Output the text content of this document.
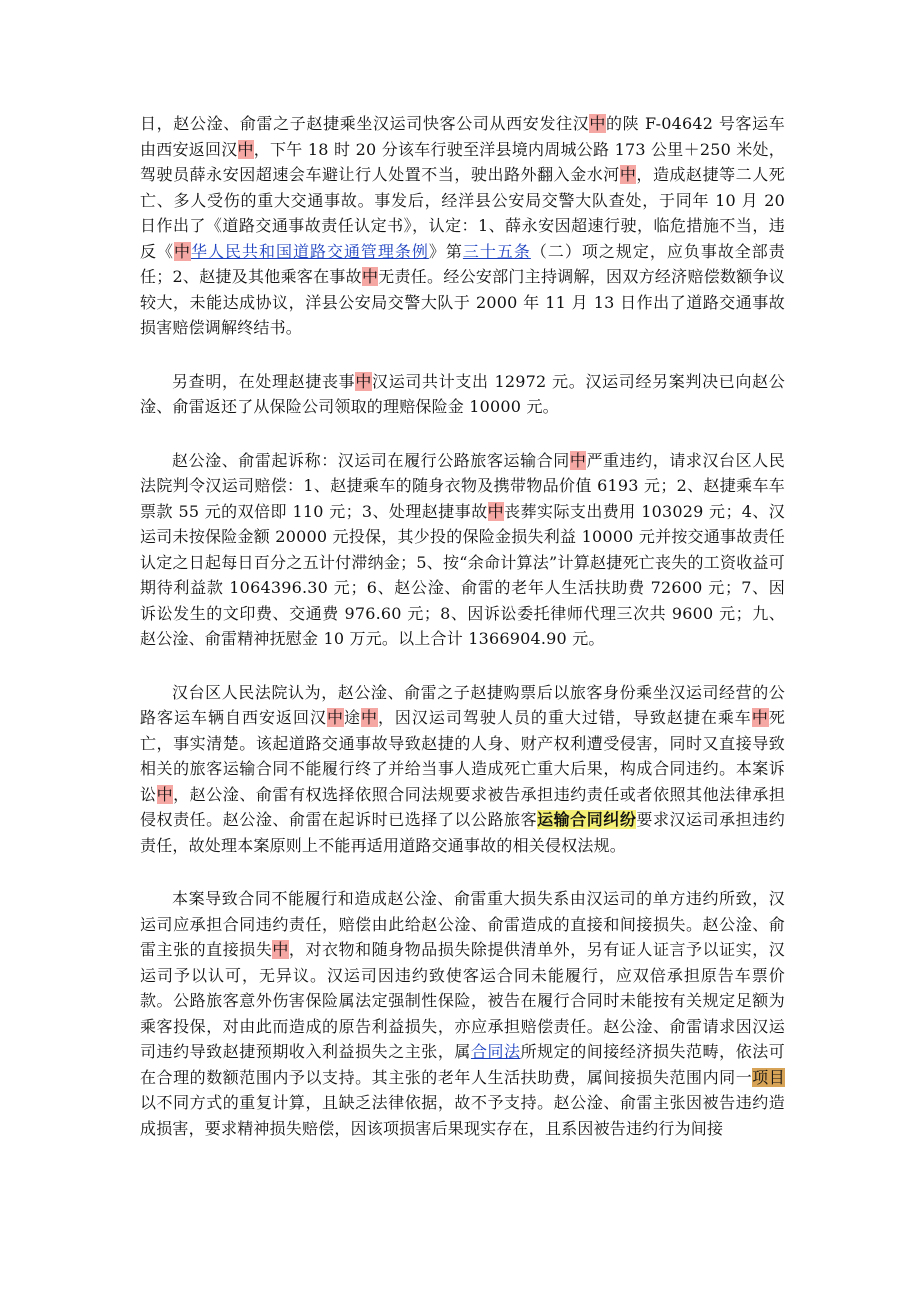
日，赵公淦、俞雷之子赵捷乘坐汉运司快客公司从西安发往汉中的陕 F-04642 号客运车由西安返回汉中，下午 18 时 20 分该车行驶至洋县境内周城公路 173 公里＋250 米处，驾驶员薛永安因超速会车避让行人处置不当，驶出路外翻入金水河中，造成赵捷等二人死亡、多人受伤的重大交通事故。事发后，经洋县公安局交警大队查处，于同年 10 月 20 日作出了《道路交通事故责任认定书》，认定：1、薛永安因超速行驶，临危措施不当，违反《中华人民共和国道路交通管理条例》第三十五条（二）项之规定，应负事故全部责任；2、赵捷及其他乘客在事故中无责任。经公安部门主持调解，因双方经济赔偿数额争议较大，未能达成协议，洋县公安局交警大队于 2000 年 11 月 13 日作出了道路交通事故损害赔偿调解终结书。

另查明，在处理赵捷丧事中汉运司共计支出 12972 元。汉运司经另案判决已向赵公淦、俞雷返还了从保险公司领取的理赔保险金 10000 元。

赵公淦、俞雷起诉称：汉运司在履行公路旅客运输合同中严重违约，请求汉台区人民法院判令汉运司赔偿：1、赵捷乘车的随身衣物及携带物品价值 6193 元；2、赵捷乘车车票款 55 元的双倍即 110 元；3、处理赵捷事故中丧葬实际支出费用 103029 元；4、汉运司未按保险金额 20000 元投保，其少投的保险金损失利益 10000 元并按交通事故责任认定之日起每日百分之五计付滞纳金；5、按“余命计算法”计算赵捷死亡丧失的工资收益可期待利益款 1064396.30 元；6、赵公淦、俞雷的老年人生活扶助费 72600 元；7、因诉讼发生的文印费、交通费 976.60 元；8、因诉讼委托律师代理三次共 9600 元；九、赵公淦、俞雷精神抚慰金 10 万元。以上合计 1366904.90 元。

汉台区人民法院认为，赵公淦、俞雷之子赵捷购票后以旅客身份乘坐汉运司经营的公路客运车辆自西安返回汉中途中，因汉运司驾驶人员的重大过错，导致赵捷在乘车中死亡，事实清楚。该起道路交通事故导致赵捷的人身、财产权利遭受侵害，同时又直接导致相关的旅客运输合同不能履行终了并给当事人造成死亡重大后果，构成合同违约。本案诉讼中，赵公淦、俞雷有权选择依照合同法规要求被告承担违约责任或者依照其他法律承担侵权责任。赵公淦、俞雷在起诉时已选择了以公路旅客运输合同纠纷要求汉运司承担违约责任，故处理本案原则上不能再适用道路交通事故的相关侵权法规。

本案导致合同不能履行和造成赵公淦、俞雷重大损失系由汉运司的单方违约所致，汉运司应承担合同违约责任，赔偿由此给赵公淦、俞雷造成的直接和间接损失。赵公淦、俞雷主张的直接损失中，对衣物和随身物品损失除提供清单外，另有证人证言予以证实，汉运司予以认可，无异议。汉运司因违约致使客运合同未能履行，应双倍承担原告车票价款。公路旅客意外伤害保险属法定强制性保险，被告在履行合同时未能按有关规定足额为乘客投保，对由此而造成的原告利益损失，亦应承担赔偿责任。赵公淦、俞雷请求因汉运司违约导致赵捷预期收入利益损失之主张，属合同法所规定的间接经济损失范畴，依法可在合理的数额范围内予以支持。其主张的老年人生活扶助费，属间接损失范围内同一项目以不同方式的重复计算，且缺乏法律依据，故不予支持。赵公淦、俞雷主张因被告违约造成损害，要求精神损失赔偿，因该项损害后果现实存在，且系因被告违约行为间接
